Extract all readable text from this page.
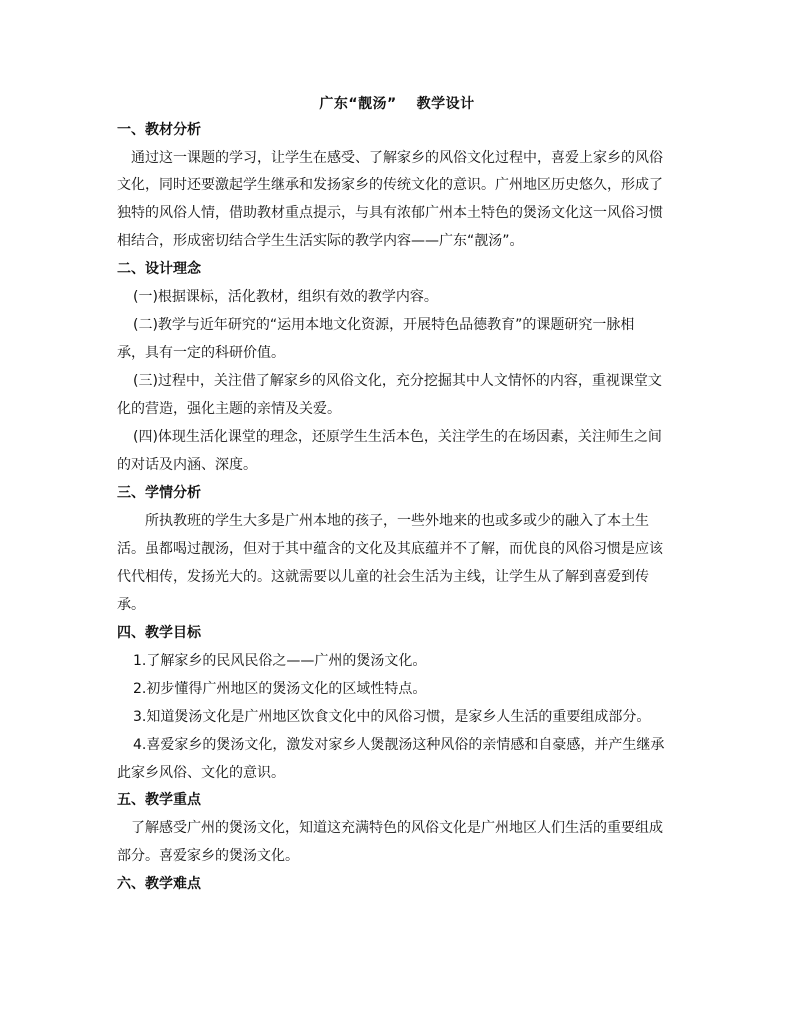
广东“靓汤”　 教学设计
一、教材分析
通过这一课题的学习，让学生在感受、了解家乡的风俗文化过程中，喜爱上家乡的风俗
文化，同时还要激起学生继承和发扬家乡的传统文化的意识。广州地区历史悠久，形成了
独特的风俗人情，借助教材重点提示，与具有浓郁广州本土特色的煲汤文化这一风俗习惯
相结合，形成密切结合学生生活实际的教学内容——广东“靓汤”。
二、设计理念
(一)根据课标，活化教材，组织有效的教学内容。
(二)教学与近年研究的“运用本地文化资源，开展特色品德教育”的课题研究一脉相
承，具有一定的科研价值。
(三)过程中，关注借了解家乡的风俗文化，充分挖掘其中人文情怀的内容，重视课堂文
化的营造，强化主题的亲情及关爱。
(四)体现生活化课堂的理念，还原学生生活本色，关注学生的在场因素，关注师生之间
的对话及内涵、深度。
三、学情分析
所执教班的学生大多是广州本地的孩子，一些外地来的也或多或少的融入了本土生
活。虽都喝过靓汤，但对于其中蕴含的文化及其底蕴并不了解，而优良的风俗习惯是应该
代代相传，发扬光大的。这就需要以儿童的社会生活为主线，让学生从了解到喜爱到传
承。
四、教学目标
1.了解家乡的民风民俗之——广州的煲汤文化。
2.初步懂得广州地区的煲汤文化的区域性特点。
3.知道煲汤文化是广州地区饮食文化中的风俗习惯，是家乡人生活的重要组成部分。
4.喜爱家乡的煲汤文化，激发对家乡人煲靓汤这种风俗的亲情感和自豪感，并产生继承
此家乡风俗、文化的意识。
五、教学重点
了解感受广州的煲汤文化，知道这充满特色的风俗文化是广州地区人们生活的重要组成
部分。喜爱家乡的煲汤文化。
六、教学难点
